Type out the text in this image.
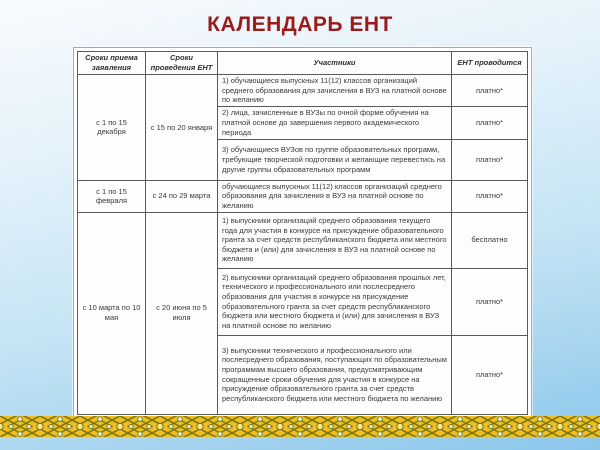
КАЛЕНДАРЬ ЕНТ
Сроки приема заявления	Сроки проведения ЕНТ	Участники	ЕНТ проводится
с 1 по 15 декабря	с 15 по 20 января	1) обучающиеся выпускных 11(12) классов организаций среднего образования для зачисления в ВУЗ на платной основе по желанию	платно*
		2) лица, зачисленные в ВУЗы по очной форме обучения на платной основе до завершения первого академического периода	платно*
		3) обучающиеся ВУЗов по группе образовательных программ, требующие творческой подготовки и желающие перевестись на другие группы образовательных программ	платно*
с 1 по 15 февраля	с 24 по 29 марта	обучающиеся выпускных 11(12) классов организаций среднего образования для зачисления в ВУЗ на платной основе по желанию	платно*
с 10 марта по 10 мая	с 20 июня по 5 июля	1) выпускники организаций среднего образования текущего года для участия в конкурсе на присуждение образовательного гранта за счет средств республиканского бюджета или местного бюджета и (или) для зачисления в ВУЗ на платной основе по желанию	бесплатно
		2) выпускники организаций среднего образования прошлых лет, технического и профессионального или послесреднего образования для участия в конкурсе на присуждение образовательного гранта за счет средств республиканского бюджета или местного бюджета и (или) для зачисления в ВУЗ на платной основе по желанию	платно*
		3) выпускники технического и профессионального или послесреднего образования, поступающих по образовательным программам высшего образования, предусматривающим сокращенные сроки обучения для участия в конкурсе на присуждение образовательного гранта за счет средств республиканского бюджета или местного бюджета по желанию	платно*
